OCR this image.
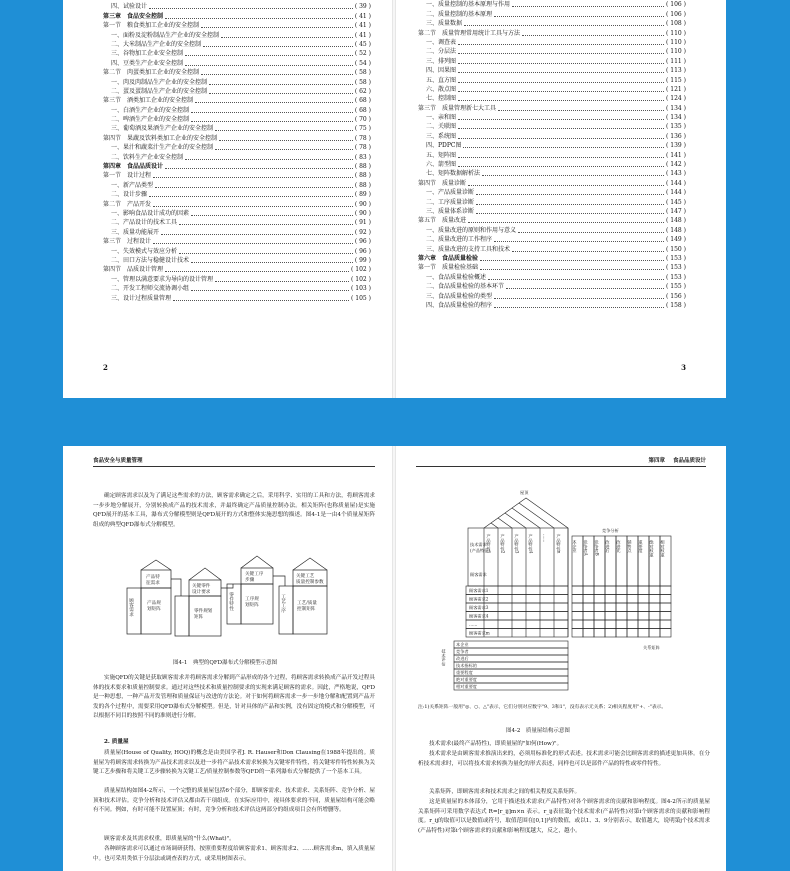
四、试验设计	( 39 )
第三章　食品安全控制	( 41 )
第一节　粮食类加工企业的安全控制	( 41 )
一、面粉及淀粉制品生产企业的安全控制	( 41 )
二、大米制品生产企业的安全控制	( 45 )
三、谷物加工企业安全控制	( 52 )
四、豆类生产企业安全控制	( 54 )
第二节　肉蛋类加工企业的安全控制	( 58 )
一、肉及肉制品生产企业的安全控制	( 58 )
二、蛋及蛋制品生产企业的安全控制	( 62 )
第三节　酒类加工企业的安全控制	( 68 )
一、白酒生产企业的安全控制	( 68 )
二、啤酒生产企业的安全控制	( 70 )
三、葡萄酒及果酒生产企业的安全控制	( 75 )
第四节　果蔬及饮料类加工企业的安全控制	( 78 )
一、果汁和蔬菜汁生产企业的安全控制	( 78 )
二、饮料生产企业安全控制	( 83 )
第四章　食品品质设计	( 88 )
第一节　设计过程	( 88 )
一、新产品类型	( 88 )
二、设计步骤	( 89 )
第二节　产品开发	( 90 )
一、影响食品设计成功的因素	( 90 )
二、产品设计的技术工具	( 91 )
三、质量功能展开	( 92 )
第三节　过程设计	( 96 )
一、失效模式与效应分析	( 96 )
二、田口方法与稳健设计技术	( 99 )
第四节　品质设计管理	( 102 )
一、管理以满意要求为导向的设计管理	( 102 )
二、开发工程师交流协调小组	( 103 )
三、设计过程质量管理	( 105 )
2
一、质量控制的基本原理与作用	( 106 )
二、质量控制的基本原理	( 106 )
三、质量数据	( 108 )
第二节　质量管理常用统计工具与方法	( 110 )
一、调查表	( 110 )
二、分层法	( 110 )
三、排列图	( 111 )
四、因果图	( 113 )
五、直方图	( 115 )
六、散点图	( 121 )
七、控制图	( 124 )
第三节　质量管理新七大工具	( 134 )
一、亲和图	( 134 )
二、关联图	( 135 )
三、系统图	( 136 )
四、PDPC图	( 139 )
五、矩阵图	( 141 )
六、箭型图	( 142 )
七、矩阵数据解析法	( 143 )
第四节　质量诊断	( 144 )
一、产品质量诊断	( 144 )
二、工序质量诊断	( 145 )
三、质量体系诊断	( 147 )
第五节　质量改进	( 148 )
一、质量改进的原则和作用与意义	( 148 )
二、质量改进的工作程序	( 149 )
三、质量改进的支持工具和技术	( 150 )
第六章　食品质量检验	( 153 )
第一节　质量检验基础	( 153 )
一、食品质量检验概述	( 153 )
二、食品质量检验的基本环节	( 155 )
三、食品质量检验的类型	( 156 )
四、食品质量检验的程序	( 158 )
3
食品安全与质量管理
确定顾客需求以及为了满足这些需求的方法，顾客需求确定之后，采用科学、实用的工具和方法，将顾客需求一步步地分解展开，分别转换成产品的技术需求，并最终确定产品质量控制办法。相关矩阵(也称质量屋)是实施QFD展开的基本工具，瀑布式分解模型则是QFD展开的方式和整体实施思想的描述。图4-1是一由4个质量屋矩阵组成的典型QFD瀑布式分解模型。
产品特
征需求
顾客需求	产品规
划矩阵
关键零件
设计要求
零件规划
矩阵
关键工序
步骤
零件特性	工序规
划矩阵
关键工艺
质量控制参数
工艺工序	工艺/质量
控制矩阵
图4-1　典型的QFD瀑布式分解模型示意图
实施QFD的关键是获取顾客需求并将顾客需求分解到产品形成的各个过程，将顾客需求转换成产品开发过程具体的技术要求和质量控制要求。通过对这些技术和质量控制要求的实现来满足顾客的需求。因此，严格地说，QFD是一种思想，一种产品开发管理和质量保证与改进的方法论。对于如何将顾客需求一步一步地分解和配置到产品开发的各个过程中，需要采用QFD瀑布式分解模型。但是，针对具体的产品和实例，没有固定的模式和分解模型，可以根据不同目的按照不同的准则进行分解。
2. 质量屋
质量屋(House of Quality, HOQ)的概念是由美国学者J. R. Hauser和Don Clausing在1988年提出的。质量屋为将顾客需求转换为产品技术需求以及进一步将产品技术需求转换为关键零件特性，将关键零件特性转换为关键工艺步骤和将关键工艺步骤转换为关键工艺/质量控制参数等QFD的一系列瀑布式分解提供了一个基本工具。
质量屋结构如图4-2所示，一个完整的质量屋包括6个部分，即顾客需求、技术需求、关系矩阵、竞争分析、屋顶和技术评估。竞争分析和技术评估又都由若干项组成。在实际应用中，视具体要求的不同，质量屋结构可能会略有不同。例如，有时可能不设置屋顶；有时，竞争分析和技术评估这两部分的组成项目会有所增删等。
顾客需求及其需求权重，即质量屋的"什么(What)"。
各种顾客需求可以通过市场调研获得，按照重要程度给顾客需求1、顾客需求2、……顾客需求m，填入质量屋中。也可采用类似于分层法或调查表的方式，或采用树图表示。
第四章 食品品质设计
屋顶
产品特性1 产品特性2 产品特性3 产品特性4 …… 产品特性n
技术需求
(产品特征)
顾客需求
本企业 竞争者A 竞争者B 改进后 改进比 销售点 重要度 绝对权重 相对权重
竞争分析
顾客需求1
顾客需求2
顾客需求3
顾客需求4
……
顾客需求m
关系矩阵
本企业
竞争者
改进后
技术指标的
重要程度
绝对重要度
相对重要度
技术评估
注:1)关系矩阵一般用"◎、○、△"表示，它们分别对应数字"9、3和1"，没有表示无关系；2)相关程度用"+、-"表示。
图4-2　质量屋结构示意图
技术需求(最终产品特性)，即质量屋的"如何(How)"。
技术需求是由顾客需求推演出来的，必须用标准化的形式表述。技术需求可能会比顾客需求的描述更加具体。在分析技术需求时，可以将技术需求转换为量化的形式表述，同样也可以是部件产品的特性或零件特性。
关系矩阵，即顾客需求和技术需求之间的相关程度关系矩阵。
这是质量屋的本体部分，它用于描述技术需求(产品特性)对各个顾客需求的贡献和影响程度。图4-2所示的质量屋关系矩阵可采用数学表达式 R=[r_ij]m×n 表示。r_ij表征第j个技术需求(产品特性)对第i个顾客需求的贡献和影响程度。r_ij的取值可以是数值或符号，取值范围在[0,1]内的数值，或以1、3、9分别表示，取值越大，说明第j个技术需求(产品特性)对第i个顾客需求的贡献和影响程度越大，反之，越小。
